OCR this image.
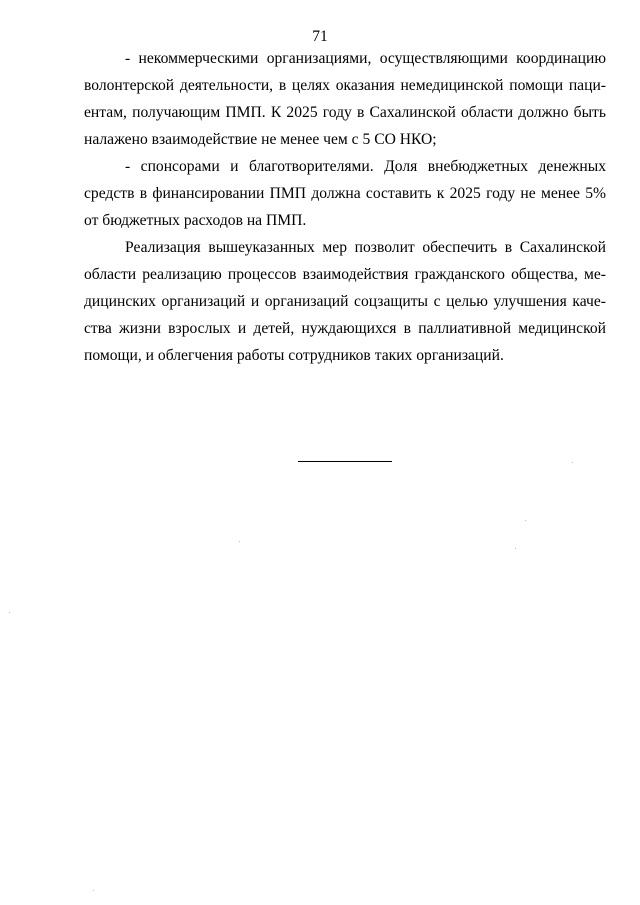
71

- некоммерческими организациями, осуществляющими координацию волонтерской деятельности, в целях оказания немедицинской помощи пациентам, получающим ПМП. К 2025 году в Сахалинской области должно быть налажено взаимодействие не менее чем с 5 СО НКО;

- спонсорами и благотворителями. Доля внебюджетных денежных средств в финансировании ПМП должна составить к 2025 году не менее 5% от бюджетных расходов на ПМП.

Реализация вышеуказанных мер позволит обеспечить в Сахалинской области реализацию процессов взаимодействия гражданского общества, медицинских организаций и организаций соцзащиты с целью улучшения качества жизни взрослых и детей, нуждающихся в паллиативной медицинской помощи, и облегчения работы сотрудников таких организаций.
